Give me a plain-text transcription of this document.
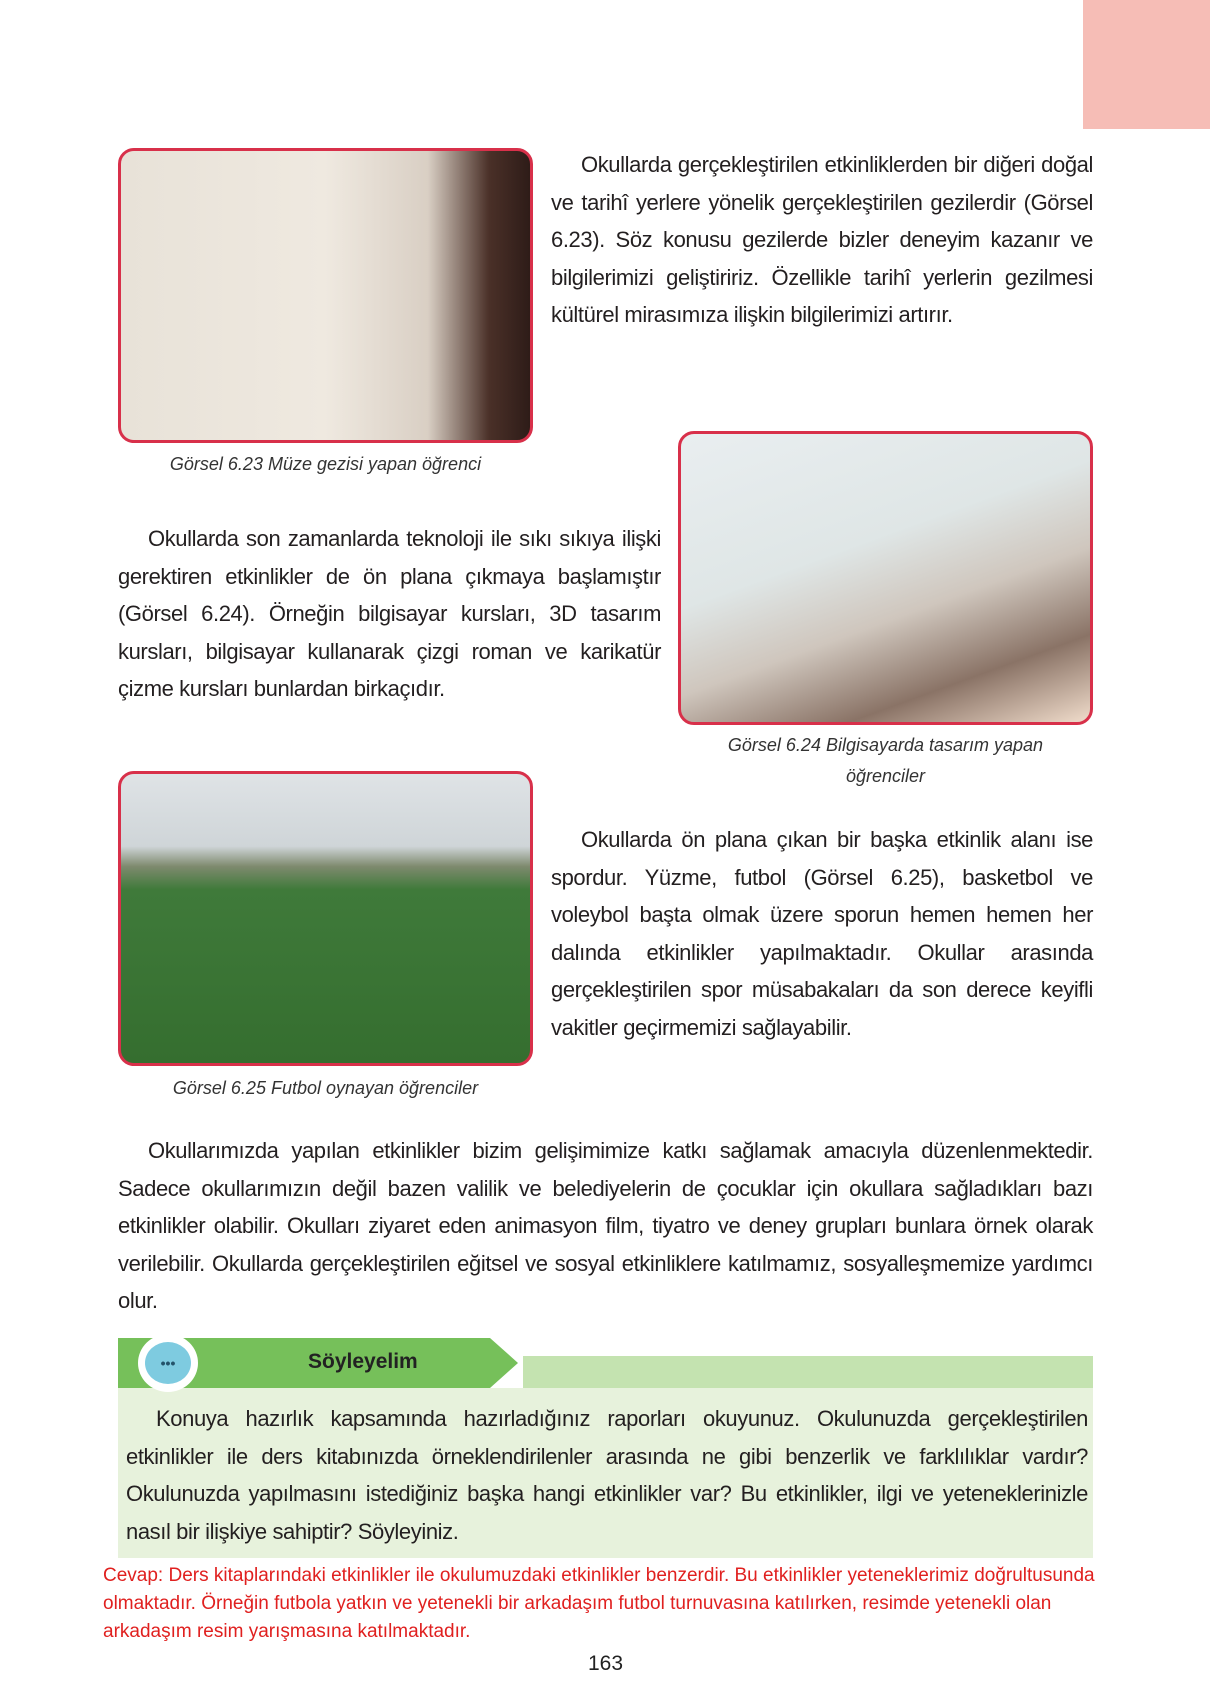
Görsel 6.23 Müze gezisi yapan öğrenci
Okullarda gerçekleştirilen etkinliklerden bir diğeri doğal ve tarihî yerlere yönelik gerçekleştirilen gezilerdir (Görsel 6.23). Söz konusu gezilerde bizler deneyim kazanır ve bilgilerimizi geliştiririz. Özellikle tarihî yerlerin gezilmesi kültürel mirasımıza ilişkin bilgilerimizi artırır.
Görsel 6.24 Bilgisayarda tasarım yapan
öğrenciler
Okullarda son zamanlarda teknoloji ile sıkı sıkıya ilişki gerektiren etkinlikler de ön plana çıkmaya başlamıştır (Görsel 6.24). Örneğin bilgisayar kursları, 3D tasarım kursları, bilgisayar kullanarak çizgi roman ve karikatür çizme kursları bunlardan birkaçıdır.
Görsel 6.25 Futbol oynayan öğrenciler
Okullarda ön plana çıkan bir başka etkinlik alanı ise spordur. Yüzme, futbol (Görsel 6.25), basketbol ve voleybol başta olmak üzere sporun hemen hemen her dalında etkinlikler yapılmaktadır. Okullar arasında gerçekleştirilen spor müsabakaları da son derece keyifli vakitler geçirmemizi sağlayabilir.
Okullarımızda yapılan etkinlikler bizim gelişimimize katkı sağlamak amacıyla düzenlenmektedir. Sadece okullarımızın değil bazen valilik ve belediyelerin de çocuklar için okullara sağladıkları bazı etkinlikler olabilir. Okulları ziyaret eden animasyon film, tiyatro ve deney grupları bunlara örnek olarak verilebilir. Okullarda gerçekleştirilen eğitsel ve sosyal etkinliklere katılmamız, sosyalleşmemize yardımcı olur.
•••	Söyleyelim
Konuya hazırlık kapsamında hazırladığınız raporları okuyunuz. Okulunuzda gerçekleştirilen etkinlikler ile ders kitabınızda örneklendirilenler arasında ne gibi benzerlik ve farklılıklar vardır? Okulunuzda yapılmasını istediğiniz başka hangi etkinlikler var? Bu etkinlikler, ilgi ve yeteneklerinizle nasıl bir ilişkiye sahiptir? Söyleyiniz.
Cevap: Ders kitaplarındaki etkinlikler ile okulumuzdaki etkinlikler benzerdir. Bu etkinlikler yeteneklerimiz doğrultusunda olmaktadır. Örneğin futbola yatkın ve yetenekli bir arkadaşım futbol turnuvasına katılırken, resimde yetenekli olan arkadaşım resim yarışmasına katılmaktadır.
163
